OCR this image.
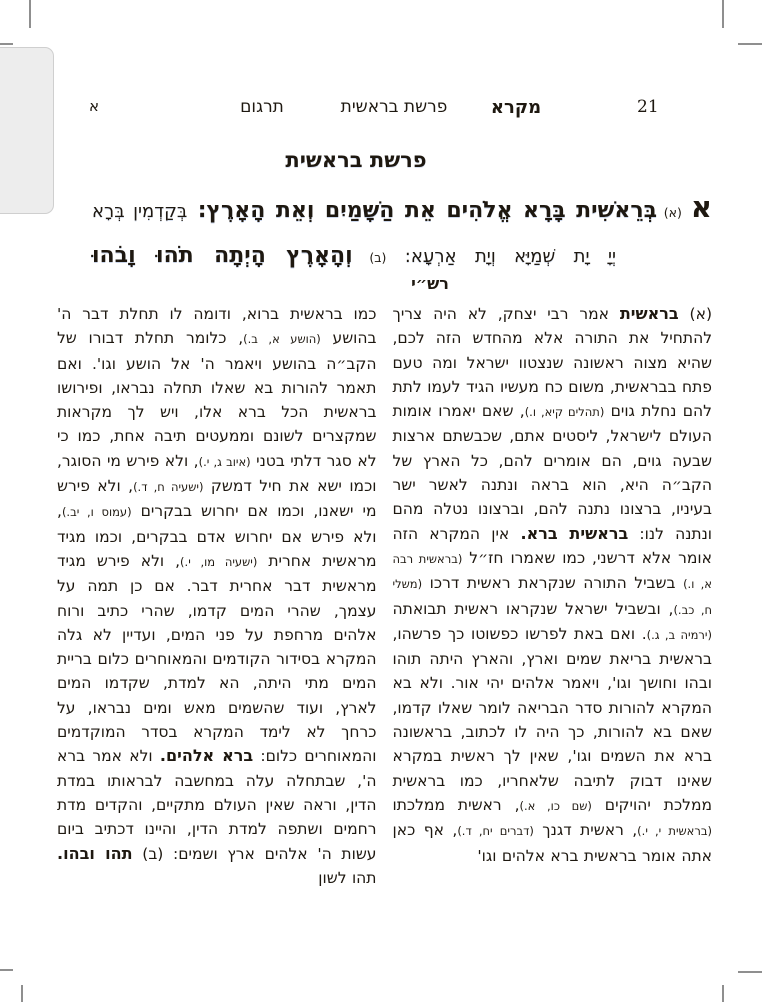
21
מקרא
פרשת בראשית
תרגום
א
פרשת בראשית
א(א) בְּרֵאשִׁית בָּרָא אֱלֹהִים אֵת הַשָּׁמַיִם וְאֵת הָאָרֶץ: בְּקַדְמִין בְּרָא
יְיָ יָת שְׁמַיָּא וְיָת אַרְעָא: (ב) וְהָאָרֶץ הָיְתָה תֹהוּ וָבֹהוּ
רש״י
(א) בראשית אמר רבי יצחק, לא היה צריך להתחיל את התורה אלא מהחדש הזה לכם, שהיא מצוה ראשונה שנצטוו ישראל ומה טעם פתח בבראשית, משום כח מעשיו הגיד לעמו לתת להם נחלת גוים (תהלים קיא, ו.), שאם יאמרו אומות העולם לישראל, ליסטים אתם, שכבשתם ארצות שבעה גוים, הם אומרים להם, כל הארץ של הקב״ה היא, הוא בראה ונתנה לאשר ישר בעיניו, ברצונו נתנה להם, וברצונו נטלה מהם ונתנה לנו: בראשית ברא. אין המקרא הזה אומר אלא דרשני, כמו שאמרו חז״ל (בראשית רבה א, ו.) בשביל התורה שנקראת ראשית דרכו (משלי ח, כב.), ובשביל ישראל שנקראו ראשית תבואתה (ירמיה ב, ג.). ואם באת לפרשו כפשוטו כך פרשהו, בראשית בריאת שמים וארץ, והארץ היתה תוהו ובהו וחושך וגו', ויאמר אלהים יהי אור. ולא בא המקרא להורות סדר הבריאה לומר שאלו קדמו, שאם בא להורות, כך היה לו לכתוב, בראשונה ברא את השמים וגו', שאין לך ראשית במקרא שאינו דבוק לתיבה שלאחריו, כמו בראשית ממלכת יהויקים (שם כו, א.), ראשית ממלכתו (בראשית י, י.), ראשית דגנך (דברים יח, ד.), אף כאן אתה אומר בראשית ברא אלהים וגו'
כמו בראשית ברוא, ודומה לו תחלת דבר ה' בהושע (הושע א, ב.), כלומר תחלת דבורו של הקב״ה בהושע ויאמר ה' אל הושע וגו'. ואם תאמר להורות בא שאלו תחלה נבראו, ופירושו בראשית הכל ברא אלו, ויש לך מקראות שמקצרים לשונם וממעטים תיבה אחת, כמו כי לא סגר דלתי בטני (איוב ג, י.), ולא פירש מי הסוגר, וכמו ישא את חיל דמשק (ישעיה ח, ד.), ולא פירש מי ישאנו, וכמו אם יחרוש בבקרים (עמוס ו, יב.), ולא פירש אם יחרוש אדם בבקרים, וכמו מגיד מראשית אחרית (ישעיה מו, י.), ולא פירש מגיד מראשית דבר אחרית דבר. אם כן תמה על עצמך, שהרי המים קדמו, שהרי כתיב ורוח אלהים מרחפת על פני המים, ועדיין לא גלה המקרא בסידור הקודמים והמאוחרים כלום בריית המים מתי היתה, הא למדת, שקדמו המים לארץ, ועוד שהשמים מאש ומים נבראו, על כרחך לא לימד המקרא בסדר המוקדמים והמאוחרים כלום: ברא אלהים. ולא אמר ברא ה', שבתחלה עלה במחשבה לבראותו במדת הדין, וראה שאין העולם מתקיים, והקדים מדת רחמים ושתפה למדת הדין, והיינו דכתיב ביום עשות ה' אלהים ארץ ושמים: (ב) תהו ובהו. תהו לשון
